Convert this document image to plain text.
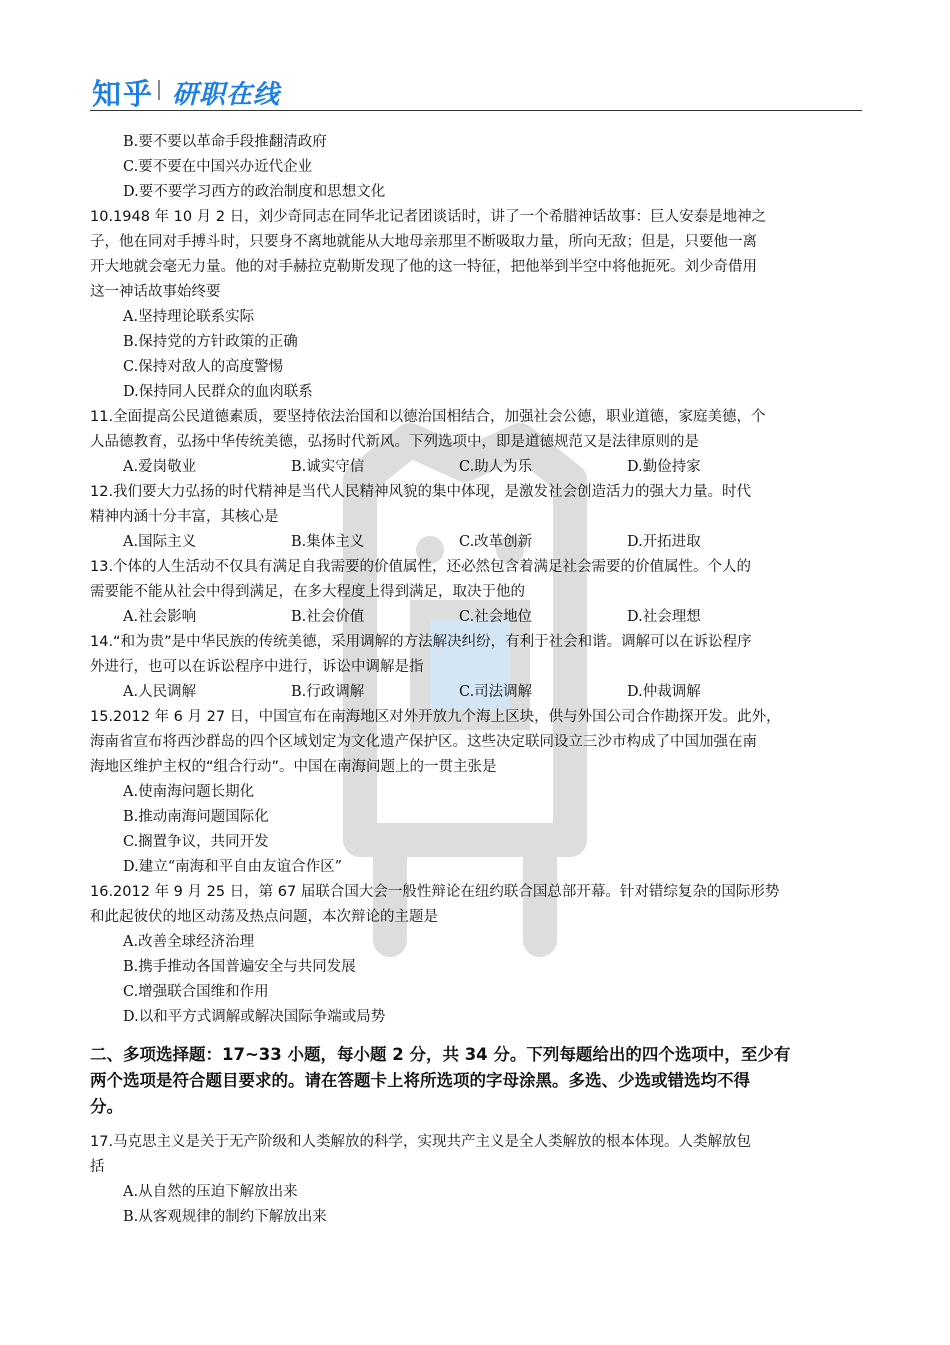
知乎 研职在线
B.要不要以革命手段推翻清政府
C.要不要在中国兴办近代企业
D.要不要学习西方的政治制度和思想文化
10.1948 年 10 月 2 日，刘少奇同志在同华北记者团谈话时，讲了一个希腊神话故事：巨人安泰是地神之
子，他在同对手搏斗时，只要身不离地就能从大地母亲那里不断吸取力量，所向无敌；但是，只要他一离
开大地就会毫无力量。他的对手赫拉克勒斯发现了他的这一特征，把他举到半空中将他扼死。刘少奇借用
这一神话故事始终要
A.坚持理论联系实际
B.保持党的方针政策的正确
C.保持对敌人的高度警惕
D.保持同人民群众的血肉联系
11.全面提高公民道德素质，要坚持依法治国和以德治国相结合，加强社会公德，职业道德，家庭美德，个
人品德教育，弘扬中华传统美德，弘扬时代新风。下列选项中，即是道德规范又是法律原则的是
A.爱岗敬业	B.诚实守信	C.助人为乐	D.勤俭持家
12.我们要大力弘扬的时代精神是当代人民精神风貌的集中体现，是激发社会创造活力的强大力量。时代
精神内涵十分丰富，其核心是
A.国际主义	B.集体主义	C.改革创新	D.开拓进取
13.个体的人生活动不仅具有满足自我需要的价值属性，还必然包含着满足社会需要的价值属性。个人的
需要能不能从社会中得到满足，在多大程度上得到满足，取决于他的
A.社会影响	B.社会价值	C.社会地位	D.社会理想
14.“和为贵”是中华民族的传统美德，采用调解的方法解决纠纷，有利于社会和谐。调解可以在诉讼程序
外进行，也可以在诉讼程序中进行，诉讼中调解是指
A.人民调解	B.行政调解	C.司法调解	D.仲裁调解
15.2012 年 6 月 27 日，中国宣布在南海地区对外开放九个海上区块，供与外国公司合作勘探开发。此外，
海南省宣布将西沙群岛的四个区域划定为文化遗产保护区。这些决定联同设立三沙市构成了中国加强在南
海地区维护主权的“组合行动”。中国在南海问题上的一贯主张是
A.使南海问题长期化
B.推动南海问题国际化
C.搁置争议，共同开发
D.建立“南海和平自由友谊合作区”
16.2012 年 9 月 25 日，第 67 届联合国大会一般性辩论在纽约联合国总部开幕。针对错综复杂的国际形势
和此起彼伏的地区动荡及热点问题，本次辩论的主题是
A.改善全球经济治理
B.携手推动各国普遍安全与共同发展
C.增强联合国维和作用
D.以和平方式调解或解决国际争端或局势
二、多项选择题：17~33 小题，每小题 2 分，共 34 分。下列每题给出的四个选项中，至少有
两个选项是符合题目要求的。请在答题卡上将所选项的字母涂黑。多选、少选或错选均不得
分。
17.马克思主义是关于无产阶级和人类解放的科学，实现共产主义是全人类解放的根本体现。人类解放包
括
A.从自然的压迫下解放出来
B.从客观规律的制约下解放出来
